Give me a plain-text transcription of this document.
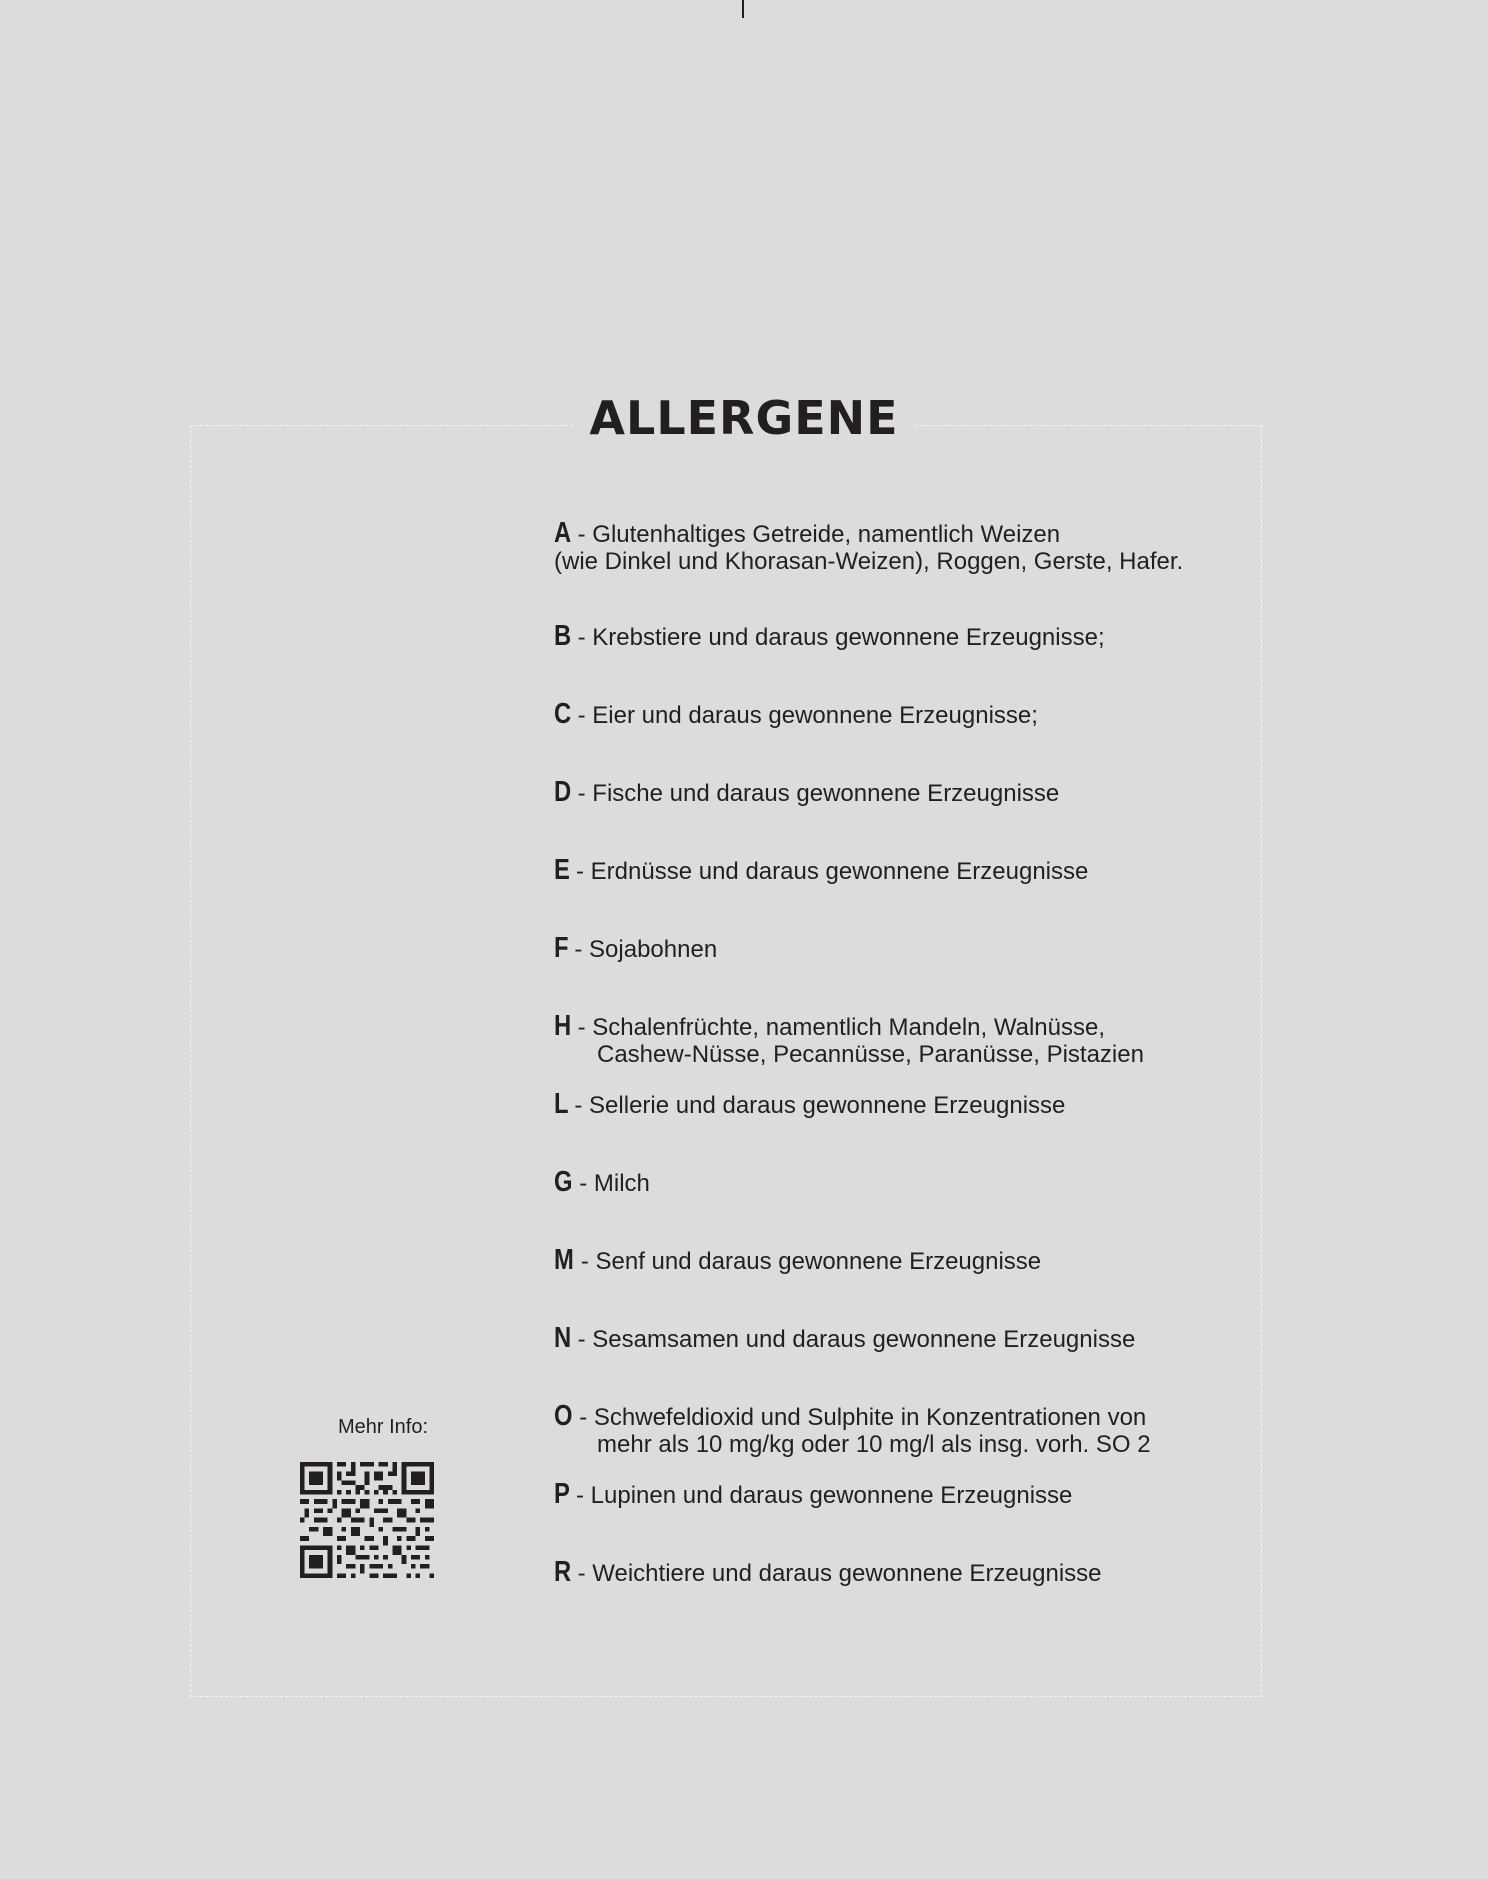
ALLERGENE
A - Glutenhaltiges Getreide, namentlich Weizen
(wie Dinkel und Khorasan-Weizen), Roggen, Gerste, Hafer.
B - Krebstiere und daraus gewonnene Erzeugnisse;
C - Eier und daraus gewonnene Erzeugnisse;
D - Fische und daraus gewonnene Erzeugnisse
E - Erdnüsse und daraus gewonnene Erzeugnisse
F - Sojabohnen
H - Schalenfrüchte, namentlich Mandeln, Walnüsse,
Cashew-Nüsse, Pecannüsse, Paranüsse, Pistazien
L - Sellerie und daraus gewonnene Erzeugnisse
G - Milch
M - Senf und daraus gewonnene Erzeugnisse
N - Sesamsamen und daraus gewonnene Erzeugnisse
O - Schwefeldioxid und Sulphite in Konzentrationen von
mehr als 10 mg/kg oder 10 mg/l als insg. vorh. SO 2
P - Lupinen und daraus gewonnene Erzeugnisse
R - Weichtiere und daraus gewonnene Erzeugnisse
Mehr Info:
